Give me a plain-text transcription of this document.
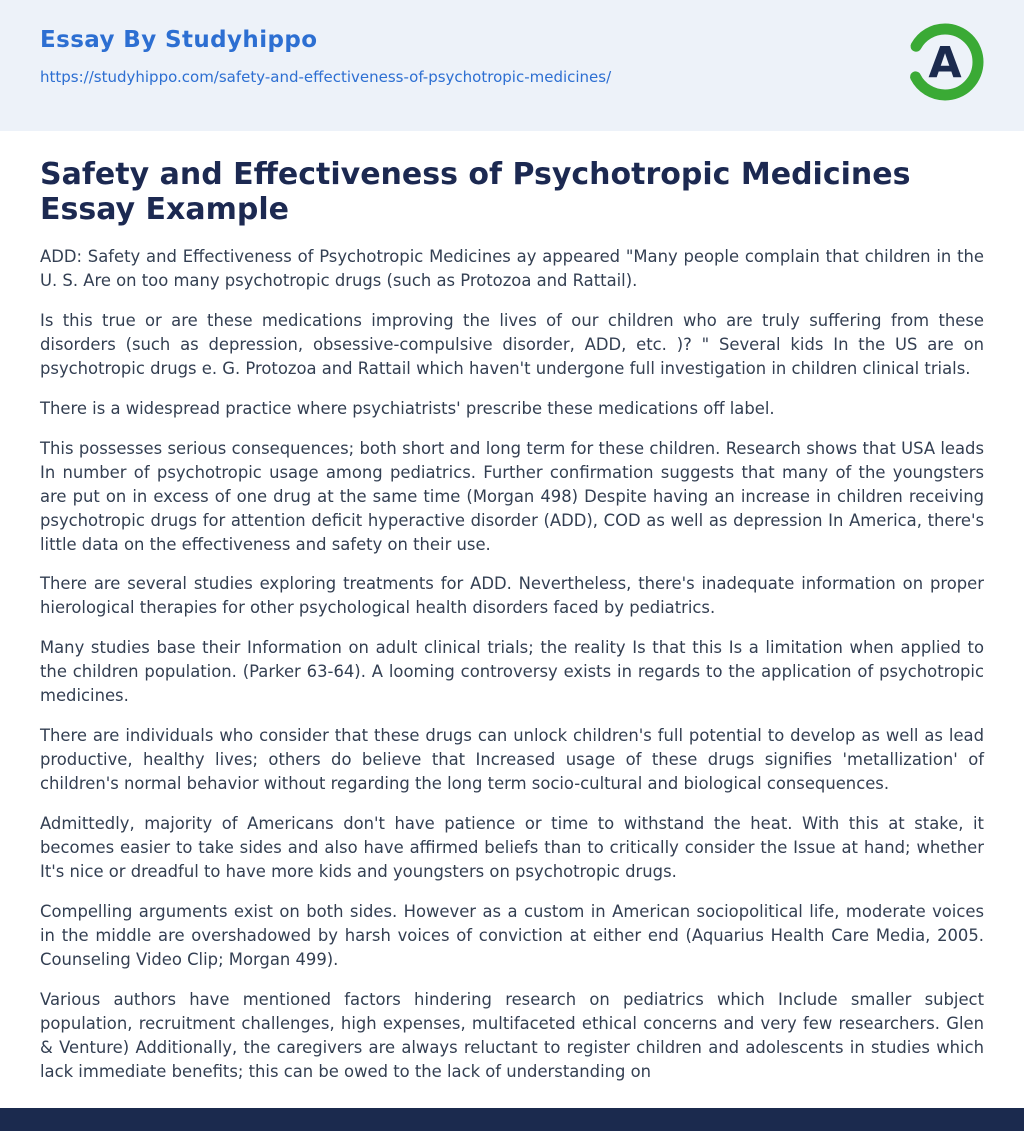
Essay By Studyhippo
https://studyhippo.com/safety-and-effectiveness-of-psychotropic-medicines/	A
Safety and Effectiveness of Psychotropic Medicines Essay Example

ADD: Safety and Effectiveness of Psychotropic Medicines ay appeared "Many people complain that children in the U. S. Are on too many psychotropic drugs (such as Protozoa and Rattail).

Is this true or are these medications improving the lives of our children who are truly suffering from these disorders (such as depression, obsessive-compulsive disorder, ADD, etc. )? " Several kids In the US are on psychotropic drugs e. G. Protozoa and Rattail which haven't undergone full investigation in children clinical trials.

There is a widespread practice where psychiatrists' prescribe these medications off label.

This possesses serious consequences; both short and long term for these children. Research shows that USA leads In number of psychotropic usage among pediatrics. Further confirmation suggests that many of the youngsters are put on in excess of one drug at the same time (Morgan 498) Despite having an increase in children receiving psychotropic drugs for attention deficit hyperactive disorder (ADD), COD as well as depression In America, there's little data on the effectiveness and safety on their use.

There are several studies exploring treatments for ADD. Nevertheless, there's inadequate information on proper hierological therapies for other psychological health disorders faced by pediatrics.

Many studies base their Information on adult clinical trials; the reality Is that this Is a limitation when applied to the children population. (Parker 63-64). A looming controversy exists in regards to the application of psychotropic medicines.

There are individuals who consider that these drugs can unlock children's full potential to develop as well as lead productive, healthy lives; others do believe that Increased usage of these drugs signifies 'metallization' of children's normal behavior without regarding the long term socio-cultural and biological consequences.

Admittedly, majority of Americans don't have patience or time to withstand the heat. With this at stake, it becomes easier to take sides and also have affirmed beliefs than to critically consider the Issue at hand; whether It's nice or dreadful to have more kids and youngsters on psychotropic drugs.

Compelling arguments exist on both sides. However as a custom in American sociopolitical life, moderate voices in the middle are overshadowed by harsh voices of conviction at either end (Aquarius Health Care Media, 2005. Counseling Video Clip; Morgan 499).

Various authors have mentioned factors hindering research on pediatrics which Include smaller subject population, recruitment challenges, high expenses, multifaceted ethical concerns and very few researchers. Glen & Venture) Additionally, the caregivers are always reluctant to register children and adolescents in studies which lack immediate benefits; this can be owed to the lack of understanding on
